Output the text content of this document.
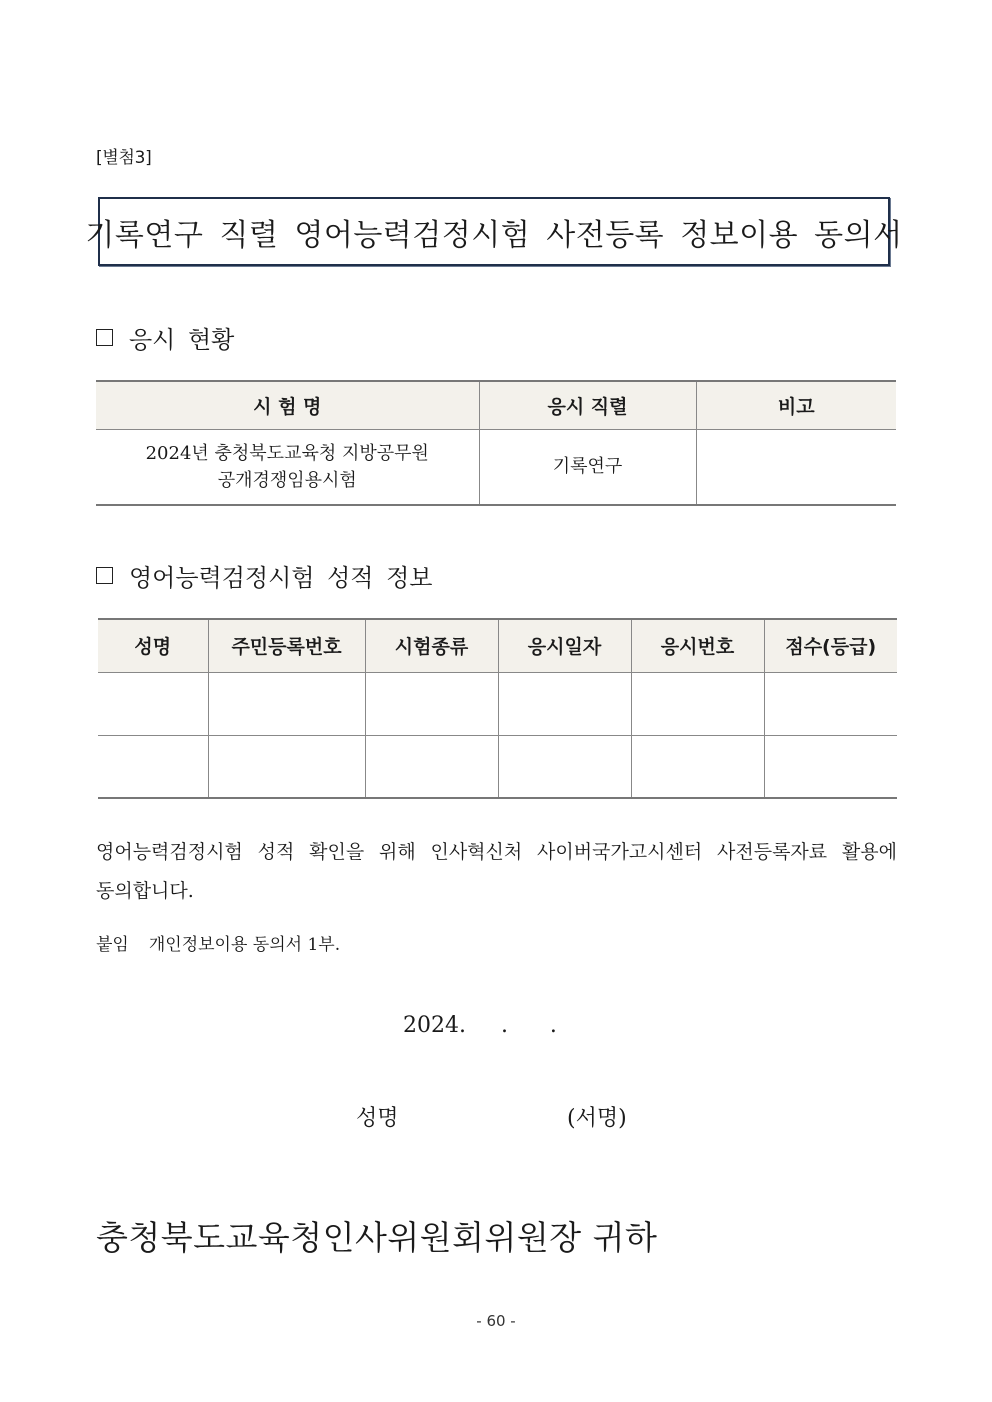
[별첨3]
기록연구 직렬 영어능력검정시험 사전등록 정보이용 동의서
응시 현황
시 험 명	응시 직렬	비고

2024년 충청북도교육청 지방공무원
공개경쟁임용시험	기록연구	
영어능력검정시험 성적 정보
성명	주민등록번호	시험종류	응시일자	응시번호	점수(등급)

영어능력검정시험 성적 확인을 위해 인사혁신처 사이버국가고시센터 사전등록자료 활용에 동의합니다.
붙임 개인정보이용 동의서 1부.
2024.     .      .
성명	(서명)
충청북도교육청인사위원회위원장 귀하
- 60 -
